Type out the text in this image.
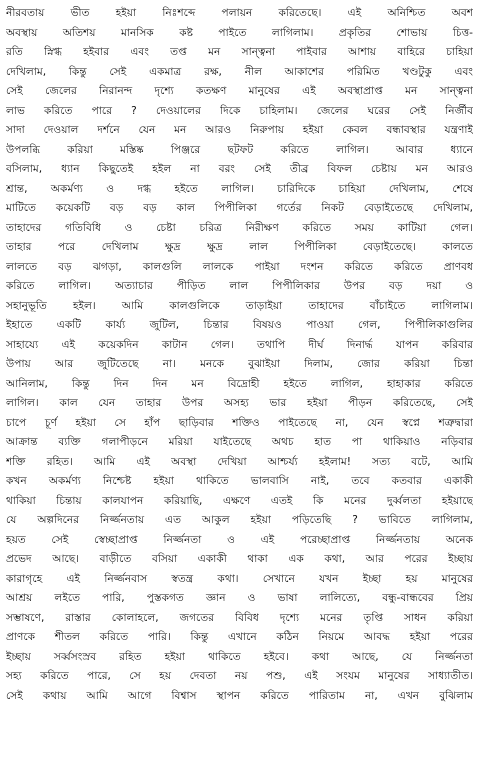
নীরবতায় ভীত হইয়া নিঃশব্দে পলায়ন করিতেছে। এই অনিশ্চিত অবশ
অবস্থায় অতিশয় মানসিক কষ্ট পাইতে লাগিলাম। প্রকৃতির শোভায় চিত্ত-
রতি স্নিগ্ধ হইবার এবং তপ্ত মন সান্ত্বনা পাইবার আশায় বাহিরে চাহিয়া
দেখিলাম, কিন্তু সেই একমাত্র রক্ষ, নীল আকাশের পরিমিত খণ্ডটুকু এবং
সেই জেলের নিরানন্দ দৃশ্যে কতক্ষণ মানুষের এই অবস্থাপ্রাপ্ত মন সান্ত্বনা
লাভ করিতে পারে ? দেওয়ালের দিকে চাহিলাম। জেলের ঘরের সেই নির্জীব
সাদা দেওয়াল দর্শনে যেন মন আরও নিরুপায় হইয়া কেবল বন্ধাবস্থার যন্ত্রণাই
উপলব্ধি করিয়া মস্তিষ্ক পিঞ্জরে ছটফট করিতে লাগিল। আবার ধ্যানে
বসিলাম, ধ্যান কিছুতেই হইল না বরং সেই তীব্র বিফল চেষ্টায় মন আরও
শ্রান্ত, অকর্মণ্য ও দগ্ধ হইতে লাগিল। চারিদিকে চাহিয়া দেখিলাম, শেষে
মাটিতে কয়েকটি বড় বড় কাল পিপীলিকা গর্তের নিকট বেড়াইতেছে দেখিলাম,
তাহাদের গতিবিধি ও চেষ্টা চরিত্র নিরীক্ষণ করিতে সময় কাটিয়া গেল।
তাহার পরে দেখিলাম ক্ষুদ্র ক্ষুদ্র লাল পিপীলিকা বেড়াইতেছে। কালতে
লালতে বড় ঝগড়া, কালগুলি লালকে পাইয়া দংশন করিতে করিতে প্রাণবধ
করিতে লাগিল। অত্যাচার পীড়িত লাল পিপীলিকার উপর বড় দয়া ও
সহানুভূতি হইল। আমি কালগুলিকে তাড়াইয়া তাহাদের বাঁচাইতে লাগিলাম।
ইহাতে একটি কার্য্য জুটিল, চিন্তার বিষয়ও পাওয়া গেল, পিপীলিকাগুলির
সাহায্যে এই কয়েকদিন কাটান গেল। তথাপি দীর্ঘ দিনার্দ্ধ যাপন করিবার
উপায় আর জুটিতেছে না। মনকে বুঝাইয়া দিলাম, জোর করিয়া চিন্তা
আনিলাম, কিন্তু দিন দিন মন বিদ্রোহী হইতে লাগিল, হাহাকার করিতে
লাগিল। কাল যেন তাহার উপর অসহ্য ভার হইয়া পীড়ন করিতেছে, সেই
চাপে চূর্ণ হইয়া সে হাঁপ ছাড়িবার শক্তিও পাইতেছে না, যেন স্বপ্নে শত্রুদ্বারা
আক্রান্ত ব্যক্তি গলাপীড়নে মরিয়া যাইতেছে অথচ হাত পা থাকিয়াও নড়িবার
শক্তি রহিত। আমি এই অবস্থা দেখিয়া আশ্চর্য্য হইলাম! সত্য বটে, আমি
কখন অকর্মণ্য নিশ্চেষ্ট হইয়া থাকিতে ভালবাসি নাই, তবে কতবার একাকী
থাকিয়া চিন্তায় কালযাপন করিয়াছি, এক্ষণে এতই কি মনের দুর্ব্বলতা হইয়াছে
যে অল্পদিনের নির্জ্জনতায় এত আকুল হইয়া পড়িতেছি ? ভাবিতে লাগিলাম,
হয়ত সেই স্বেচ্ছাপ্রাপ্ত নির্জ্জনতা ও এই পরেচ্ছাপ্রাপ্ত নির্জ্জনতায় অনেক
প্রভেদ আছে। বাড়ীতে বসিয়া একাকী থাকা এক কথা, আর পরের ইচ্ছায়
কারাগৃহে এই নির্জ্জনবাস স্বতন্ত্র কথা। সেখানে যখন ইচ্ছা হয় মানুষের
আশ্রয় লইতে পারি, পুস্তকগত জ্ঞান ও ভাষা লালিত্যে, বন্ধু-বান্ধবের প্রিয়
সম্ভাষণে, রাস্তার কোলাহলে, জগতের বিবিধ দৃশ্যে মনের তৃপ্তি সাধন করিয়া
প্রাণকে শীতল করিতে পারি। কিন্তু এখানে কঠিন নিয়মে আবদ্ধ হইয়া পরের
ইচ্ছায় সর্ব্বসংস্রব রহিত হইয়া থাকিতে হইবে। কথা আছে, যে নির্জ্জনতা
সহ্য করিতে পারে, সে হয় দেবতা নয় পশু, এই সংযম মানুষের সাধ্যাতীত।
সেই কথায় আমি আগে বিশ্বাস স্থাপন করিতে পারিতাম না, এখন বুঝিলাম
